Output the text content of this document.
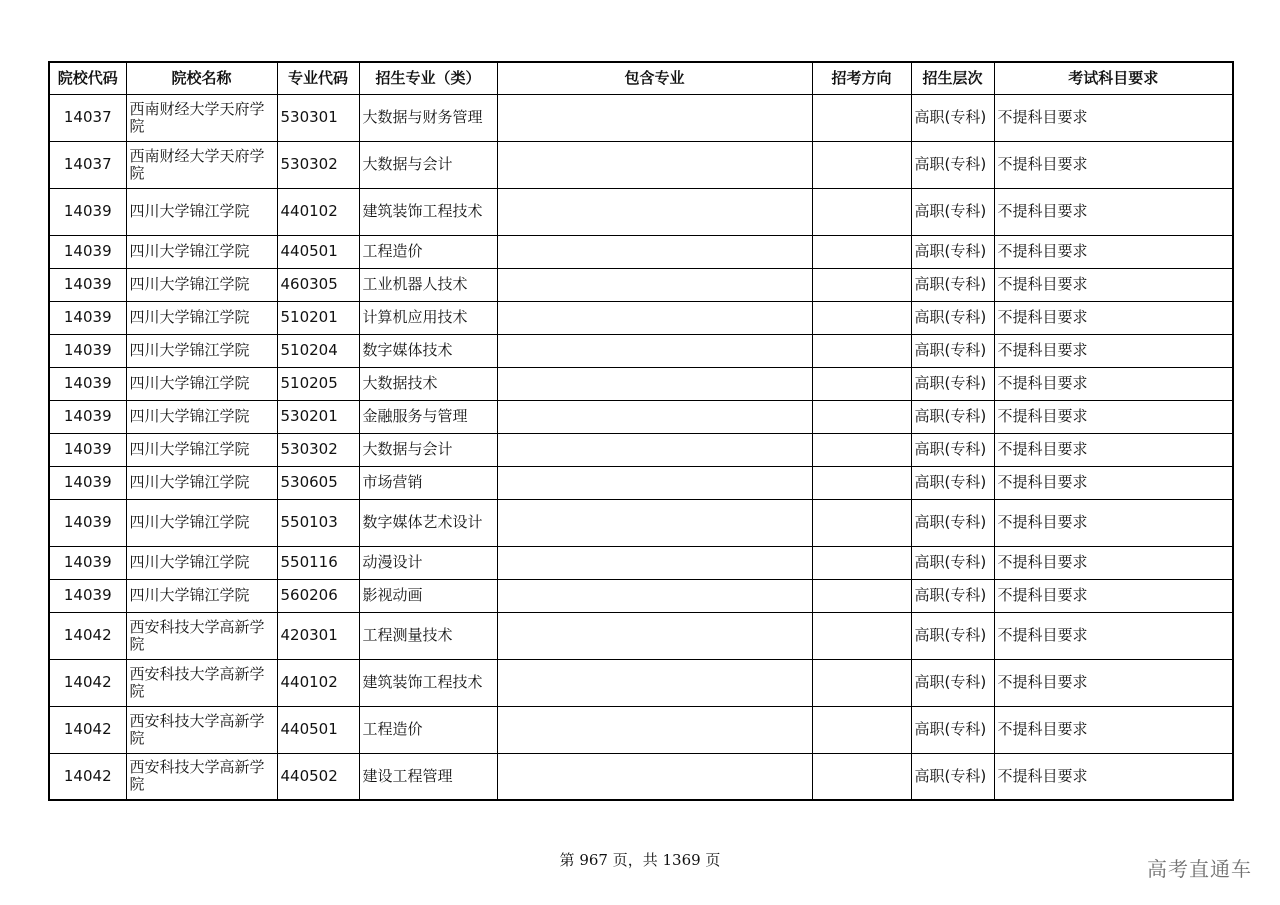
院校代码	院校名称	专业代码	招生专业（类）	包含专业	招考方向	招生层次	考试科目要求
14037	西南财经大学天府学院	530301	大数据与财务管理			高职(专科)	不提科目要求
14037	西南财经大学天府学院	530302	大数据与会计			高职(专科)	不提科目要求
14039	四川大学锦江学院	440102	建筑装饰工程技术			高职(专科)	不提科目要求
14039	四川大学锦江学院	440501	工程造价			高职(专科)	不提科目要求
14039	四川大学锦江学院	460305	工业机器人技术			高职(专科)	不提科目要求
14039	四川大学锦江学院	510201	计算机应用技术			高职(专科)	不提科目要求
14039	四川大学锦江学院	510204	数字媒体技术			高职(专科)	不提科目要求
14039	四川大学锦江学院	510205	大数据技术			高职(专科)	不提科目要求
14039	四川大学锦江学院	530201	金融服务与管理			高职(专科)	不提科目要求
14039	四川大学锦江学院	530302	大数据与会计			高职(专科)	不提科目要求
14039	四川大学锦江学院	530605	市场营销			高职(专科)	不提科目要求
14039	四川大学锦江学院	550103	数字媒体艺术设计			高职(专科)	不提科目要求
14039	四川大学锦江学院	550116	动漫设计			高职(专科)	不提科目要求
14039	四川大学锦江学院	560206	影视动画			高职(专科)	不提科目要求
14042	西安科技大学高新学院	420301	工程测量技术			高职(专科)	不提科目要求
14042	西安科技大学高新学院	440102	建筑装饰工程技术			高职(专科)	不提科目要求
14042	西安科技大学高新学院	440501	工程造价			高职(专科)	不提科目要求
14042	西安科技大学高新学院	440502	建设工程管理			高职(专科)	不提科目要求
第 967 页，共 1369 页	高考直通车
